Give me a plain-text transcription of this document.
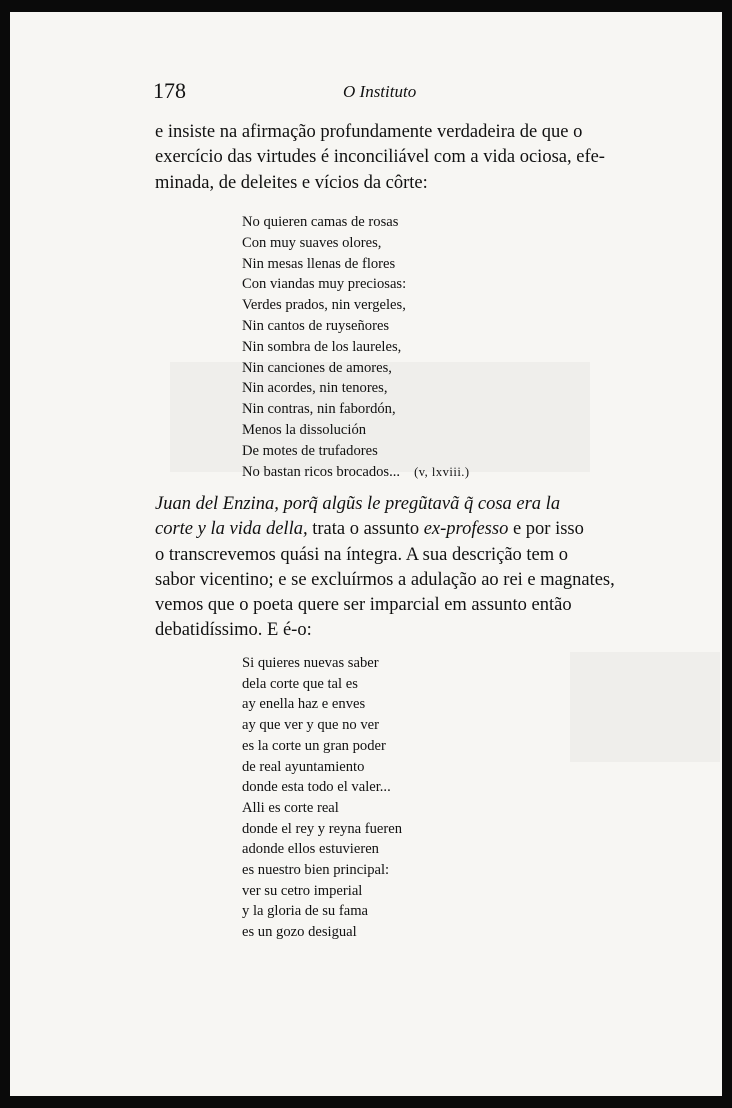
178	O Instituto
e insiste na afirmação profundamente verdadeira de que o
exercício das virtudes é inconciliável com a vida ociosa, efe-
minada, de deleites e vícios da côrte:
No quieren camas de rosas
Con muy suaves olores,
Nin mesas llenas de flores
Con viandas muy preciosas:
Verdes prados, nin vergeles,
Nin cantos de ruyseñores
Nin sombra de los laureles,
Nin canciones de amores,
Nin acordes, nin tenores,
Nin contras, nin fabordón,
Menos la dissolución
De motes de trufadores
No bastan ricos brocados... (v, lxviii.)
Juan del Enzina, porq̃ algũs le pregũtavã q̃ cosa era la
corte y la vida della, trata o assunto ex-professo e por isso
o transcrevemos quási na íntegra. A sua descrição tem o
sabor vicentino; e se excluírmos a adulação ao rei e magnates,
vemos que o poeta quere ser imparcial em assunto então
debatidíssimo. E é-o:
Si quieres nuevas saber
dela corte que tal es
ay enella haz e enves
ay que ver y que no ver
es la corte un gran poder
de real ayuntamiento
donde esta todo el valer...
Alli es corte real
donde el rey y reyna fueren
adonde ellos estuvieren
es nuestro bien principal:
ver su cetro imperial
y la gloria de su fama
es un gozo desigual
